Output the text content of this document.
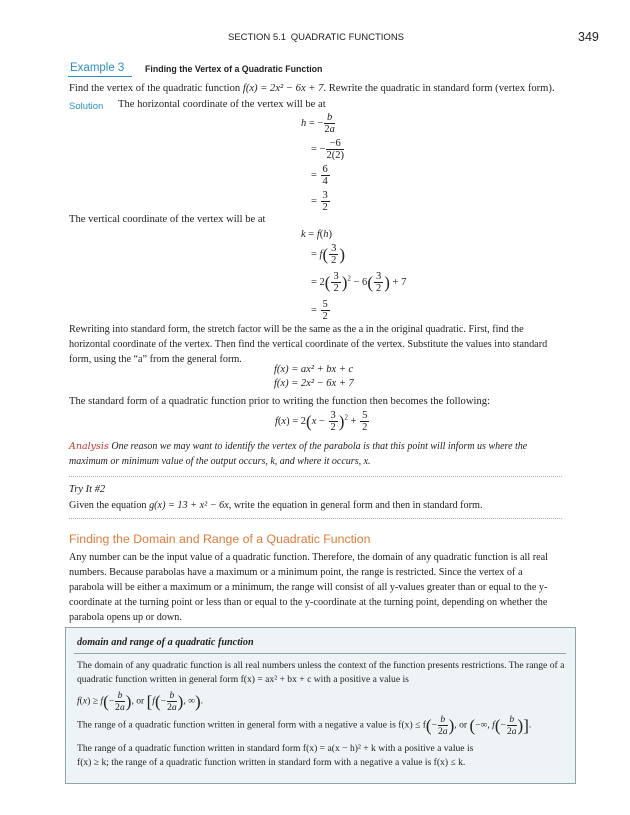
SECTION 5.1 QUADRATIC FUNCTIONS	349
Example 3 Finding the Vertex of a Quadratic Function
Find the vertex of the quadratic function f(x) = 2x² − 6x + 7. Rewrite the quadratic in standard form (vertex form).
Solution The horizontal coordinate of the vertex will be at
h = − $\frac{b}{2a}$
= − $\frac{-6}{2(2)}$
= $\frac{6}{4}$
= $\frac{3}{2}$
The vertical coordinate of the vertex will be at
k = f(h)
= $f( \frac{3}{2}$ )
= $2( \frac{3}{2} )^2 - 6( \frac{3}{2}$ ) + 7
= $\frac{5}{2}$
Rewriting into standard form, the stretch factor will be the same as the a in the original quadratic. First, find the horizontal coordinate of the vertex. Then find the vertical coordinate of the vertex. Substitute the values into standard form, using the “a” from the general form.
f(x) = ax² + bx + c
f(x) = 2x² − 6x + 7
The standard form of a quadratic function prior to writing the function then becomes the following:
$f(x) = 2(x - \frac{3}{2} )^2 + \frac{5}{2}$
Analysis One reason we may want to identify the vertex of the parabola is that this point will inform us where the maximum or minimum value of the output occurs, k, and where it occurs, x.
Try It #2
Given the equation g(x) = 13 + x² − 6x, write the equation in general form and then in standard form.
Finding the Domain and Range of a Quadratic Function
Any number can be the input value of a quadratic function. Therefore, the domain of any quadratic function is all real numbers. Because parabolas have a maximum or a minimum point, the range is restricted. Since the vertex of a parabola will be either a maximum or a minimum, the range will consist of all y-values greater than or equal to the y-coordinate at the turning point or less than or equal to the y-coordinate at the turning point, depending on whether the parabola opens up or down.
domain and range of a quadratic function
The domain of any quadratic function is all real numbers unless the context of the function presents restrictions. The range of a quadratic function written in general form f(x) = ax² + bx + c with a positive a value is
$f(x) \ge f(- \frac{b}{2a}$ ), or [$f(- \frac{b}{2a}$ ), ∞).
The range of a quadratic function written in general form with a negative a value is $f(x) \le f(- \frac{b}{2a}$ ), or (−∞, $f(- \frac{b}{2a}$ )].
The range of a quadratic function written in standard form f(x) = a(x − h)² + k with a positive a value is
f(x) ≥ k; the range of a quadratic function written in standard form with a negative a value is f(x) ≤ k.
